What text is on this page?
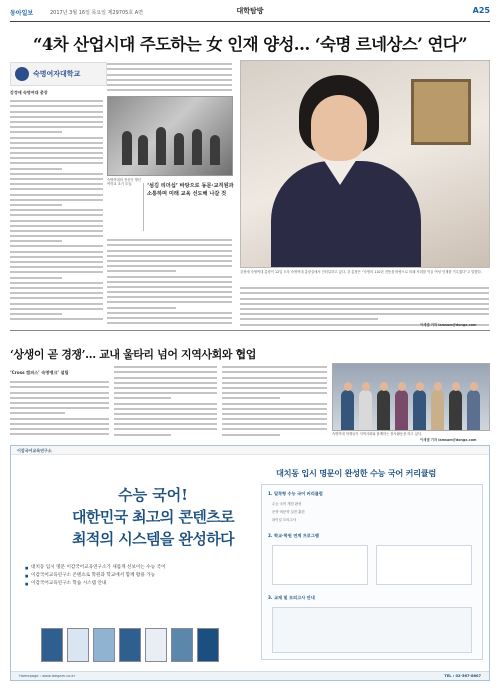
동아일보	2017년 3월 16일 목요일 제29705호 A면	대학탐방	A25
“4차 산업시대 주도하는 女 인재 양성… ‘숙명 르네상스’ 연다”
숙명여자대학교
강정애 숙명여대 총장
숙명여대의 전신인 명신여학교 초기 모습.	‘섬김 리더십’ 바탕으로 동문·교직원과 소통하며 미래 교육 선도해 나갈 것
강정애 숙명여대 총장이 12일 오후 숙명여대 총장실에서 인터뷰하고 있다. 강 총장은 “숙명의 110년 전통을 바탕으로 미래 사회를 이끌 여성 인재를 키우겠다”고 말했다.
이새샘 기자 iamsam@donga.com
‘상생이 곧 경쟁’… 교내 울타리 넘어 지역사회와 협업
‘Cross 캠퍼스’ 숙명뱅크’ 설립
숙명여대 학생들이 지역사회와 함께하는 봉사활동을 하고 있다.
이새샘 기자 iamsam@donga.com
이감국어교육연구소
대치동 입시 명문이 완성한 수능 국어 커리큘럼
수능 국어!
대한민국 최고의 콘텐츠로
최적의 시스템을 완성하다
■ 대치동 입시 명문 이감국어교육연구소가 새롭게 선보이는 수능 국어
■ 이감국어교육연구소 콘텐츠로 학원과 학교에서 함께 활용 가능
■ 이감국어교육연구소 학습 시스템 안내
1. 밀착형 수능 국어 커리큘럼
수능 국어 개념 완성
문학·비문학 실전 훈련
파이널 모의고사
2. 학교·학원 연계 프로그램
3. 교재 및 모의고사 안내
Homepage : www.leegam.co.kr	TEL : 02-567-8607
